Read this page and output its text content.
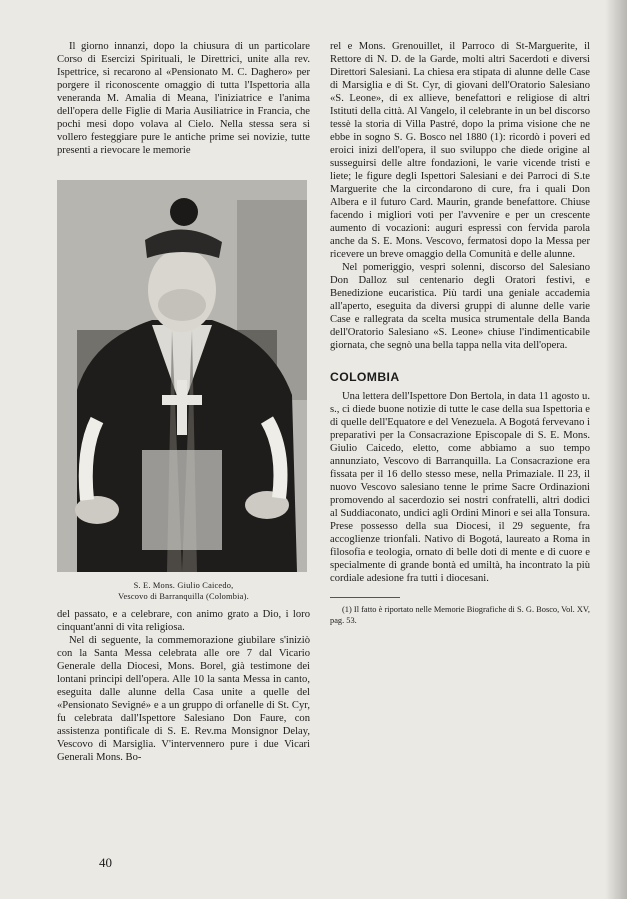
Il giorno innanzi, dopo la chiusura di un particolare Corso di Esercizi Spirituali, le Direttrici, unite alla rev. Ispettrice, si recarono al «Pensionato M. C. Daghero» per porgere il riconoscente omaggio di tutta l'Ispettoria alla veneranda M. Amalia di Meana, l'iniziatrice e l'anima dell'opera delle Figlie di Maria Ausiliatrice in Francia, che pochi mesi dopo volava al Cielo. Nella stessa sera si vollero festeggiare pure le antiche prime sei novizie, tutte presenti a rievocare le memorie

S. E. Mons. Giulio Caicedo,
Vescovo di Barranquilla (Colombia).

del passato, e a celebrare, con animo grato a Dio, i loro cinquant'anni di vita religiosa.

Nel di seguente, la commemorazione giubilare s'iniziò con la Santa Messa celebrata alle ore 7 dal Vicario Generale della Diocesi, Mons. Borel, già testimone dei lontani principi dell'opera. Alle 10 la santa Messa in canto, eseguita dalle alunne della Casa unite a quelle del «Pensionato Sevigné» e a un gruppo di orfanelle di St. Cyr, fu celebrata dall'Ispettore Salesiano Don Faure, con assistenza pontificale di S. E. Rev.ma Monsignor Delay, Vescovo di Marsiglia. V'intervennero pure i due Vicari Generali Mons. Bo-

rel e Mons. Grenouillet, il Parroco di St-Marguerite, il Rettore di N. D. de la Garde, molti altri Sacerdoti e diversi Direttori Salesiani. La chiesa era stipata di alunne delle Case di Marsiglia e di St. Cyr, di giovani dell'Oratorio Salesiano «S. Leone», di ex allieve, benefattori e religiose di altri Istituti della città. Al Vangelo, il celebrante in un bel discorso tessè la storia di Villa Pastré, dopo la prima visione che ne ebbe in sogno S. G. Bosco nel 1880 (1): ricordò i poveri ed eroici inizi dell'opera, il suo sviluppo che diede origine al susseguirsi delle altre fondazioni, le varie vicende tristi e liete; le figure degli Ispettori Salesiani e dei Parroci di S.te Marguerite che la circondarono di cure, fra i quali Don Albera e il futuro Card. Maurin, grande benefattore. Chiuse facendo i migliori voti per l'avvenire e per un crescente aumento di vocazioni: auguri espressi con fervida parola anche da S. E. Mons. Vescovo, fermatosi dopo la Messa per ricevere un breve omaggio della Comunità e delle alunne.

Nel pomeriggio, vespri solenni, discorso del Salesiano Don Dalloz sul centenario degli Oratori festivi, e Benedizione eucaristica. Più tardi una geniale accademia all'aperto, eseguita da diversi gruppi di alunne delle varie Case e rallegrata da scelta musica strumentale della Banda dell'Oratorio Salesiano «S. Leone» chiuse l'indimenticabile giornata, che segnò una bella tappa nella vita dell'opera.

COLOMBIA

Una lettera dell'Ispettore Don Bertola, in data 11 agosto u. s., ci diede buone notizie di tutte le case della sua Ispettoria e di quelle dell'Equatore e del Venezuela. A Bogotá fervevano i preparativi per la Consacrazione Episcopale di S. E. Mons. Giulio Caicedo, eletto, come abbiamo a suo tempo annunziato, Vescovo di Barranquilla. La Consacrazione era fissata per il 16 dello stesso mese, nella Primaziale. Il 23, il nuovo Vescovo salesiano tenne le prime Sacre Ordinazioni promovendo al sacerdozio sei nostri confratelli, altri dodici al Suddiaconato, undici agli Ordini Minori e sei alla Tonsura. Prese possesso della sua Diocesi, il 29 seguente, fra accoglienze trionfali. Nativo di Bogotá, laureato a Roma in filosofia e teologia, ornato di belle doti di mente e di cuore e specialmente di grande bontà ed umiltà, ha incontrato la più cordiale adesione fra tutti i diocesani.

(1) Il fatto è riportato nelle Memorie Biografiche di S. G. Bosco, Vol. XV, pag. 53.

40
